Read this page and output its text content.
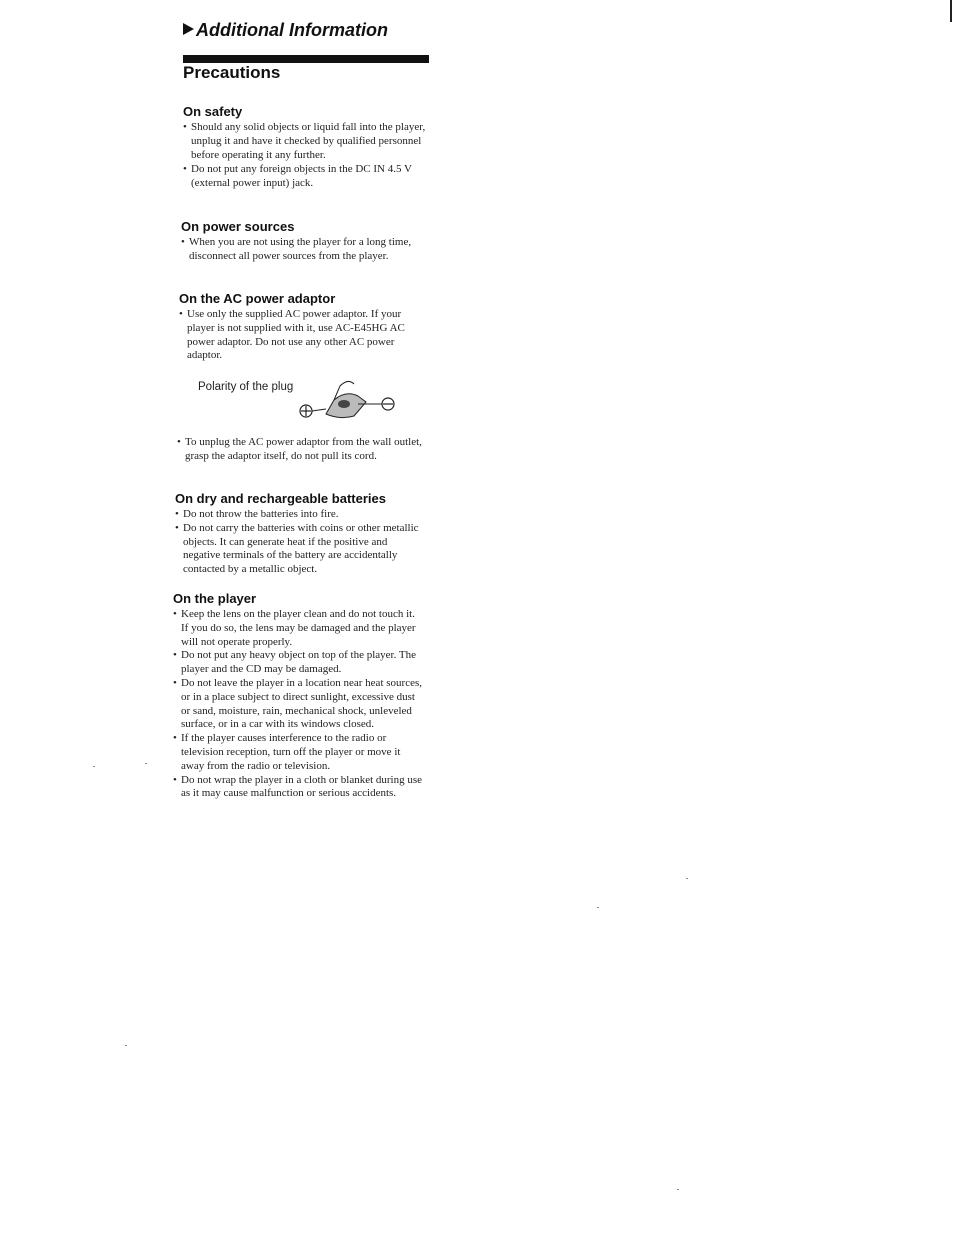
Additional Information
Precautions
On safety
• Should any solid objects or liquid fall into the player, unplug it and have it checked by qualified personnel before operating it any further.
• Do not put any foreign objects in the DC IN 4.5 V (external power input) jack.
On power sources
• When you are not using the player for a long time, disconnect all power sources from the player.
On the AC power adaptor
• Use only the supplied AC power adaptor. If your player is not supplied with it, use AC-E45HG AC power adaptor. Do not use any other AC power adaptor.
Polarity of the plug
• To unplug the AC power adaptor from the wall outlet, grasp the adaptor itself, do not pull its cord.
On dry and rechargeable batteries
• Do not throw the batteries into fire.
• Do not carry the batteries with coins or other metallic objects. It can generate heat if the positive and negative terminals of the battery are accidentally contacted by a metallic object.
On the player
• Keep the lens on the player clean and do not touch it. If you do so, the lens may be damaged and the player will not operate properly.
• Do not put any heavy object on top of the player. The player and the CD may be damaged.
• Do not leave the player in a location near heat sources, or in a place subject to direct sunlight, excessive dust or sand, moisture, rain, mechanical shock, unleveled surface, or in a car with its windows closed.
• If the player causes interference to the radio or television reception, turn off the player or move it away from the radio or television.
• Do not wrap the player in a cloth or blanket during use as it may cause malfunction or serious accidents.
